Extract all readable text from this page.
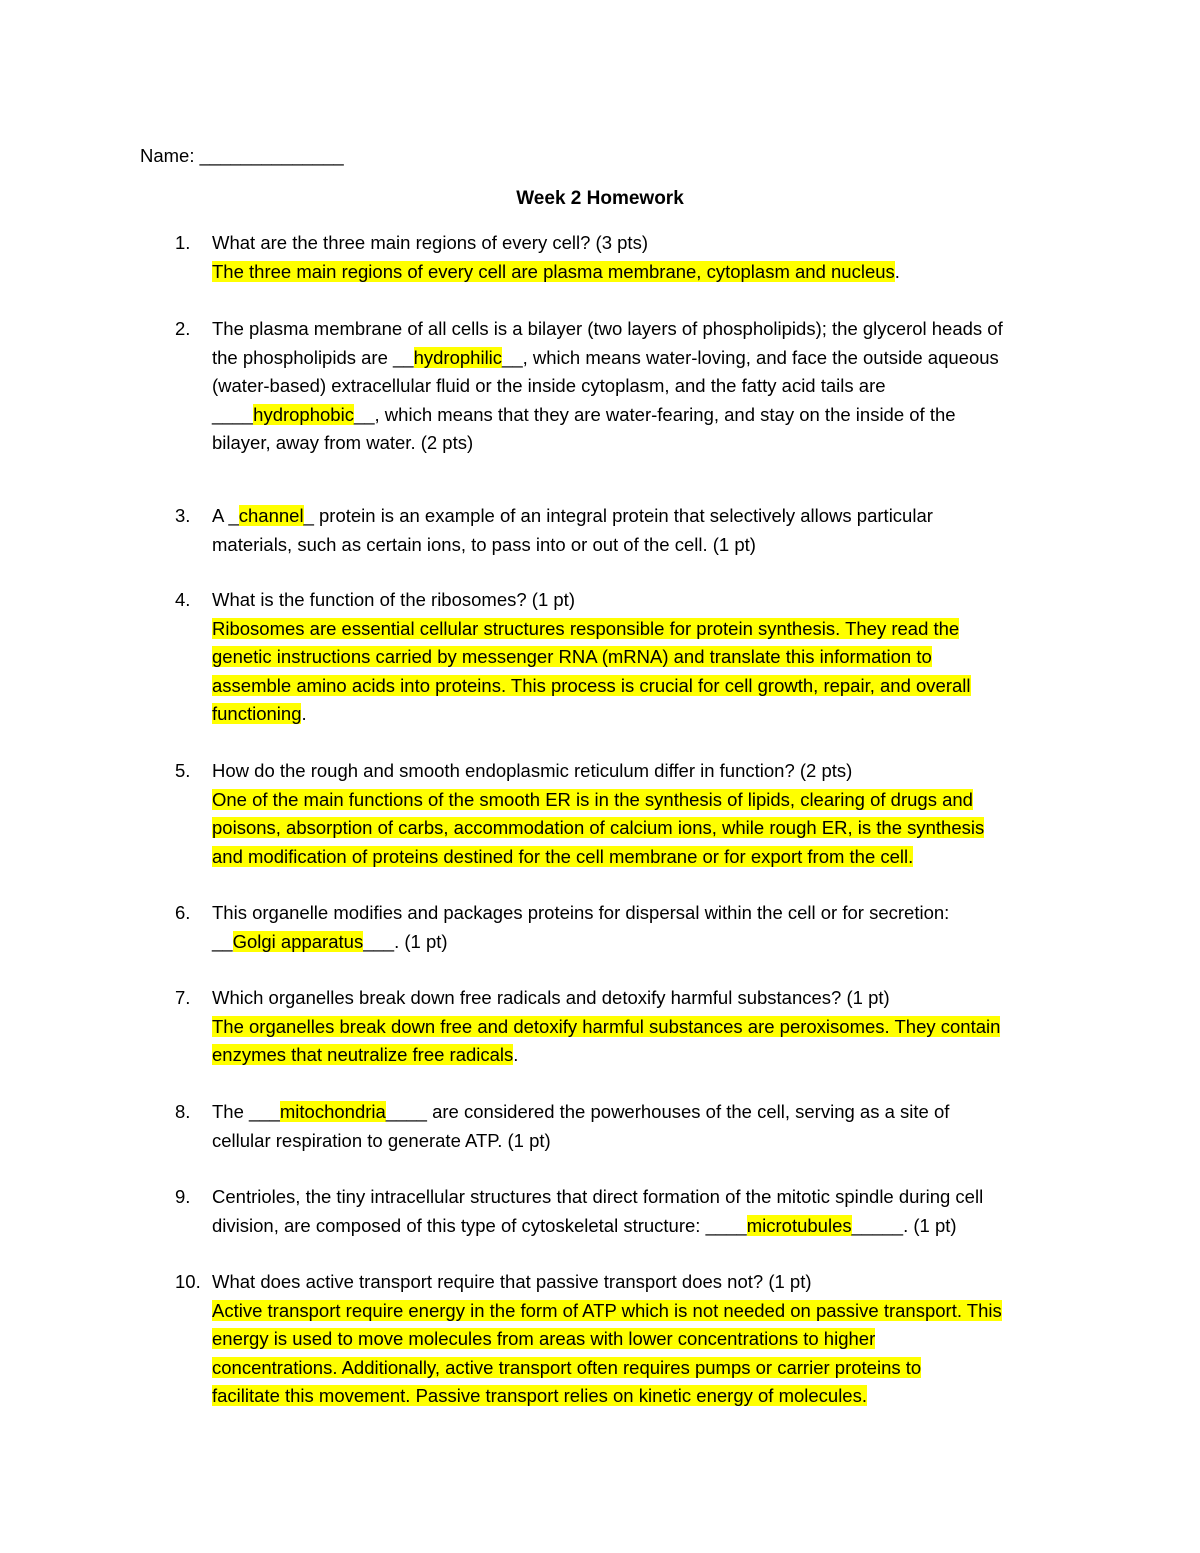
Name: ______________
Week 2 Homework
1.	What are the three main regions of every cell? (3 pts)
The three main regions of every cell are plasma membrane, cytoplasm and nucleus.
2.	The plasma membrane of all cells is a bilayer (two layers of phospholipids); the glycerol heads of
the phospholipids are __hydrophilic__, which means water-loving, and face the outside aqueous
(water-based) extracellular fluid or the inside cytoplasm, and the fatty acid tails are
____hydrophobic__, which means that they are water-fearing, and stay on the inside of the
bilayer, away from water. (2 pts)
3.	A _channel_ protein is an example of an integral protein that selectively allows particular
materials, such as certain ions, to pass into or out of the cell. (1 pt)
4.	What is the function of the ribosomes? (1 pt)
Ribosomes are essential cellular structures responsible for protein synthesis. They read the
genetic instructions carried by messenger RNA (mRNA) and translate this information to
assemble amino acids into proteins. This process is crucial for cell growth, repair, and overall
functioning.
5.	How do the rough and smooth endoplasmic reticulum differ in function? (2 pts)
One of the main functions of the smooth ER is in the synthesis of lipids, clearing of drugs and
poisons, absorption of carbs, accommodation of calcium ions, while rough ER, is the synthesis
and modification of proteins destined for the cell membrane or for export from the cell.
6.	This organelle modifies and packages proteins for dispersal within the cell or for secretion:
__Golgi apparatus___. (1 pt)
7.	Which organelles break down free radicals and detoxify harmful substances? (1 pt)
The organelles break down free and detoxify harmful substances are peroxisomes. They contain
enzymes that neutralize free radicals.
8.	The ___mitochondria____ are considered the powerhouses of the cell, serving as a site of
cellular respiration to generate ATP. (1 pt)
9.	Centrioles, the tiny intracellular structures that direct formation of the mitotic spindle during cell
division, are composed of this type of cytoskeletal structure: ____microtubules_____. (1 pt)
10. What does active transport require that passive transport does not? (1 pt)
Active transport require energy in the form of ATP which is not needed on passive transport. This
energy is used to move molecules from areas with lower concentrations to higher
concentrations. Additionally, active transport often requires pumps or carrier proteins to
facilitate this movement. Passive transport relies on kinetic energy of molecules.
